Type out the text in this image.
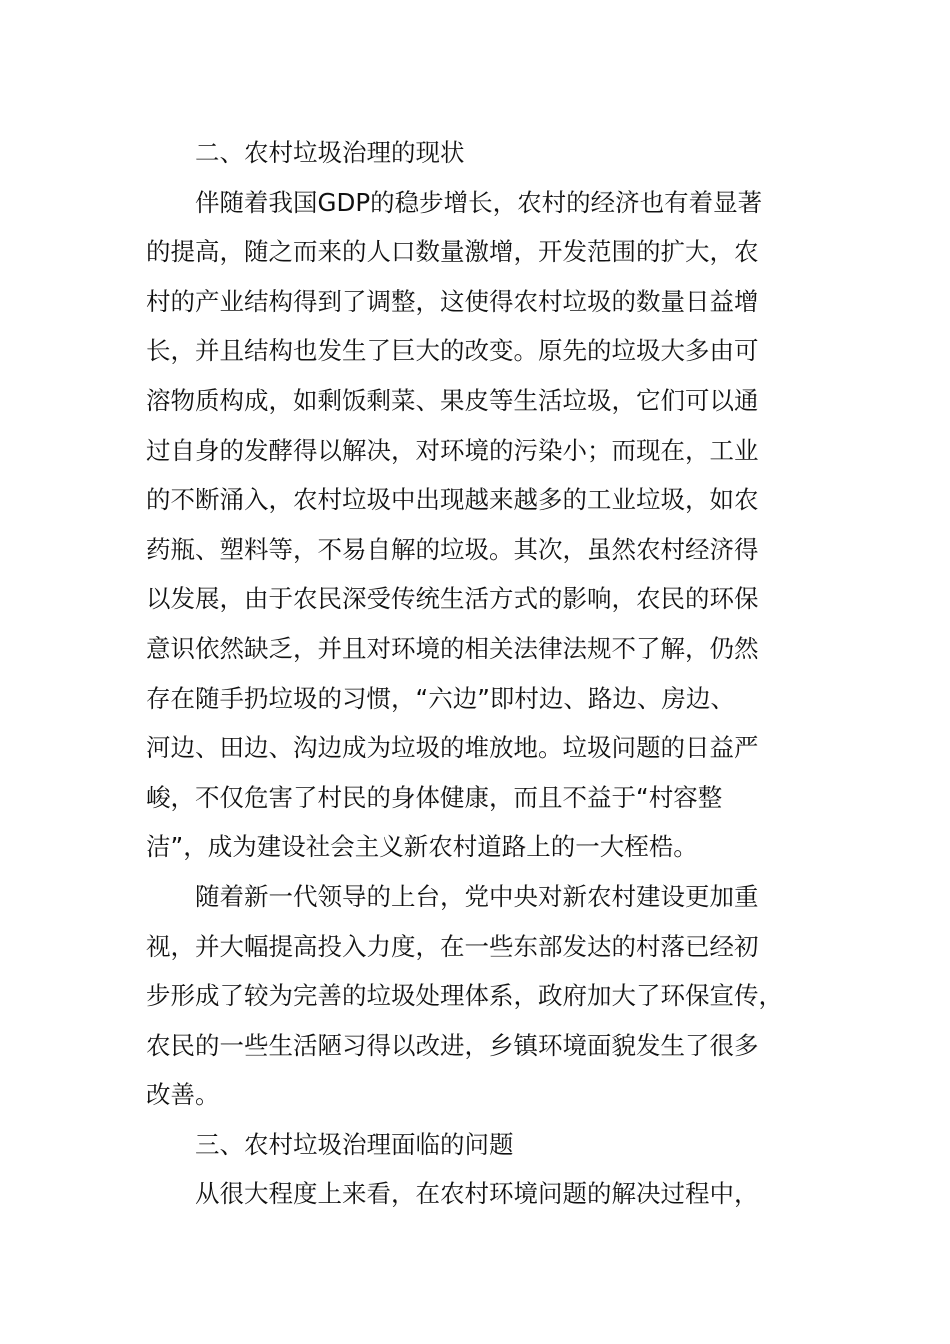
二、农村垃圾治理的现状
伴随着我国GDP的稳步增长，农村的经济也有着显著
的提高，随之而来的人口数量激增，开发范围的扩大，农
村的产业结构得到了调整，这使得农村垃圾的数量日益增
长，并且结构也发生了巨大的改变。原先的垃圾大多由可
溶物质构成，如剩饭剩菜、果皮等生活垃圾，它们可以通
过自身的发酵得以解决，对环境的污染小；而现在，工业
的不断涌入，农村垃圾中出现越来越多的工业垃圾，如农
药瓶、塑料等，不易自解的垃圾。其次，虽然农村经济得
以发展，由于农民深受传统生活方式的影响，农民的环保
意识依然缺乏，并且对环境的相关法律法规不了解，仍然
存在随手扔垃圾的习惯，“六边”即村边、路边、房边、
河边、田边、沟边成为垃圾的堆放地。垃圾问题的日益严
峻，不仅危害了村民的身体健康，而且不益于“村容整
洁”，成为建设社会主义新农村道路上的一大桎梏。
随着新一代领导的上台，党中央对新农村建设更加重
视，并大幅提高投入力度，在一些东部发达的村落已经初
步形成了较为完善的垃圾处理体系，政府加大了环保宣传，
农民的一些生活陋习得以改进，乡镇环境面貌发生了很多
改善。
三、农村垃圾治理面临的问题
从很大程度上来看，在农村环境问题的解决过程中，
